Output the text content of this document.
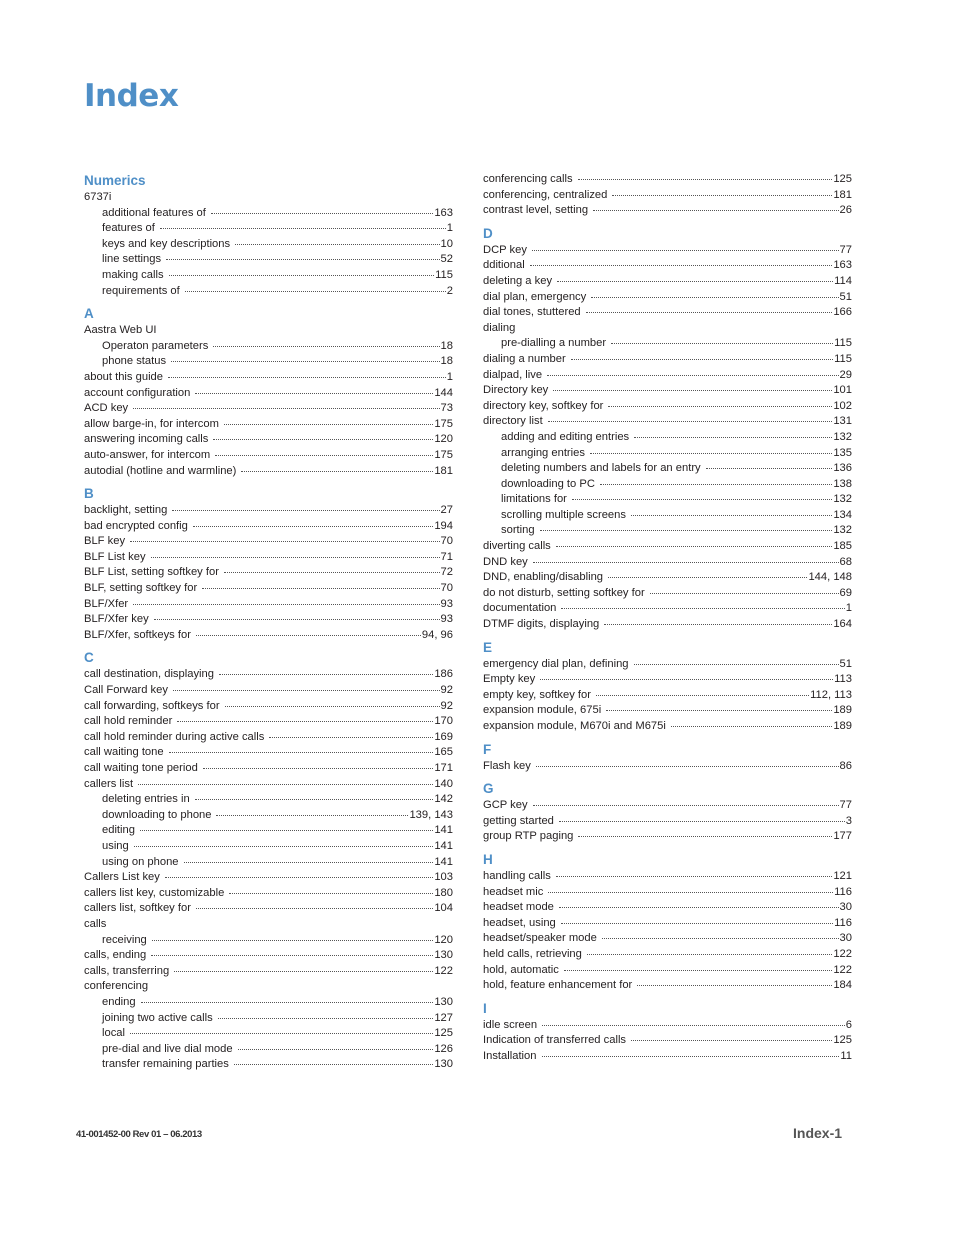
Index
Numerics
6737i
additional features of	163
features of	1
keys and key descriptions	10
line settings	52
making calls	115
requirements of	2
A
Aastra Web UI
Operaton parameters	18
phone status	18
about this guide	1
account configuration	144
ACD key	73
allow barge-in, for intercom	175
answering incoming calls	120
auto-answer, for intercom	175
autodial (hotline and warmline)	181
B
backlight, setting	27
bad encrypted config	194
BLF key	70
BLF List key	71
BLF List, setting softkey for	72
BLF, setting softkey for	70
BLF/Xfer	93
BLF/Xfer key	93
BLF/Xfer, softkeys for	94, 96
C
call destination, displaying	186
Call Forward key	92
call forwarding, softkeys for	92
call hold reminder	170
call hold reminder during active calls	169
call waiting tone	165
call waiting tone period	171
callers list	140
deleting entries in	142
downloading to phone	139, 143
editing	141
using	141
using on phone	141
Callers List key	103
callers list key, customizable	180
callers list, softkey for	104
calls
receiving	120
calls, ending	130
calls, transferring	122
conferencing
ending	130
joining two active calls	127
local	125
pre-dial and live dial mode	126
transfer remaining parties	130
conferencing calls	125
conferencing, centralized	181
contrast level, setting	26
D
DCP key	77
dditional	163
deleting a key	114
dial plan, emergency	51
dial tones, stuttered	166
dialing
pre-dialling a number	115
dialing a number	115
dialpad, live	29
Directory key	101
directory key, softkey for	102
directory list	131
adding and editing entries	132
arranging entries	135
deleting numbers and labels for an entry	136
downloading to PC	138
limitations for	132
scrolling multiple screens	134
sorting	132
diverting calls	185
DND key	68
DND, enabling/disabling	144, 148
do not disturb, setting softkey for	69
documentation	1
DTMF digits, displaying	164
E
emergency dial plan, defining	51
Empty key	113
empty key, softkey for	112, 113
expansion module, 675i	189
expansion module, M670i and M675i	189
F
Flash key	86
G
GCP key	77
getting started	3
group RTP paging	177
H
handling calls	121
headset mic	116
headset mode	30
headset, using	116
headset/speaker mode	30
held calls, retrieving	122
hold, automatic	122
hold, feature enhancement for	184
I
idle screen	6
Indication of transferred calls	125
Installation	11
41-001452-00 Rev 01 – 06.2013	Index-1
